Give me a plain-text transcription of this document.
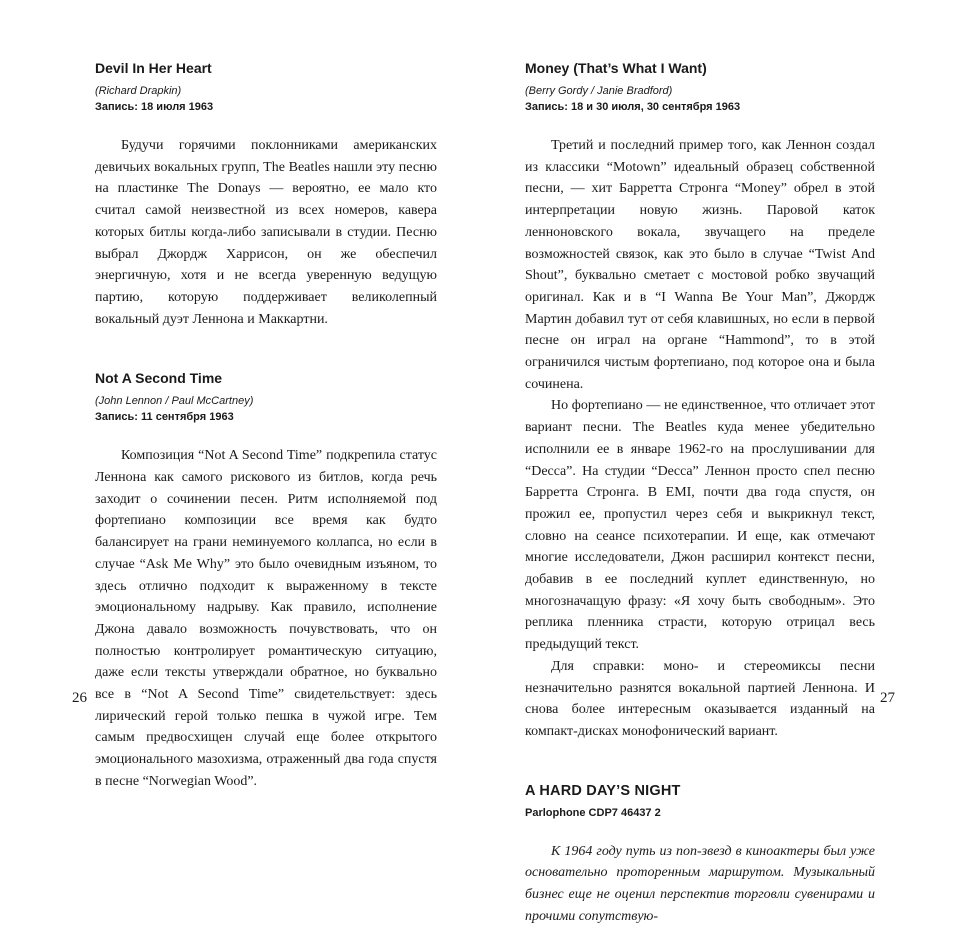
Devil In Her Heart
(Richard Drapkin)
Запись: 18 июля 1963

Будучи горячими поклонниками американских девичьих вокальных групп, The Beatles нашли эту песню на пластинке The Donays — вероятно, ее мало кто считал самой неизвестной из всех номеров, кавера которых битлы когда-либо записывали в студии. Песню выбрал Джордж Харрисон, он же обеспечил энергичную, хотя и не всегда уверенную ведущую партию, которую поддерживает великолепный вокальный дуэт Леннона и Маккартни.

Not A Second Time
(John Lennon / Paul McCartney)
Запись: 11 сентября 1963

Композиция “Not A Second Time” подкрепила статус Леннона как самого рискового из битлов, когда речь заходит о сочинении песен. Ритм исполняемой под фортепиано композиции все время как будто балансирует на грани неминуемого коллапса, но если в случае “Ask Me Why” это было очевидным изъяном, то здесь отлично подходит к выраженному в тексте эмоциональному надрыву. Как правило, исполнение Джона давало возможность почувствовать, что он полностью контролирует романтическую ситуацию, даже если тексты утверждали обратное, но буквально все в “Not A Second Time” свидетельствует: здесь лирический герой только пешка в чужой игре. Тем самым предвосхищен случай еще более открытого эмоционального мазохизма, отраженный два года спустя в песне “Norwegian Wood”.

26
Money (That’s What I Want)
(Berry Gordy / Janie Bradford)
Запись: 18 и 30 июля, 30 сентября 1963

Третий и последний пример того, как Леннон создал из классики “Motown” идеальный образец собственной песни, — хит Барретта Стронга “Money” обрел в этой интерпретации новую жизнь. Паровой каток ленноновского вокала, звучащего на пределе возможностей связок, как это было в случае “Twist And Shout”, буквально сметает с мостовой робко звучащий оригинал. Как и в “I Wanna Be Your Man”, Джордж Мартин добавил тут от себя клавишных, но если в первой песне он играл на органе “Hammond”, то в этой ограничился чистым фортепиано, под которое она и была сочинена.

Но фортепиано — не единственное, что отличает этот вариант песни. The Beatles куда менее убедительно исполнили ее в январе 1962-го на прослушивании для “Decca”. На студии “Decca” Леннон просто спел песню Барретта Стронга. В EMI, почти два года спустя, он прожил ее, пропустил через себя и выкрикнул текст, словно на сеансе психотерапии. И еще, как отмечают многие исследователи, Джон расширил контекст песни, добавив в ее последний куплет единственную, но многозначащую фразу: «Я хочу быть свободным». Это реплика пленника страсти, которую отрицал весь предыдущий текст.

Для справки: моно- и стереомиксы песни незначительно разнятся вокальной партией Леннона. И снова более интересным оказывается изданный на компакт-дисках монофонический вариант.

A HARD DAY’S NIGHT
Parlophone CDP7 46437 2

К 1964 году путь из поп-звезд в киноактеры был уже основательно проторенным маршрутом. Музыкальный бизнес еще не оценил перспектив торговли сувенирами и прочими сопутствую-

27
